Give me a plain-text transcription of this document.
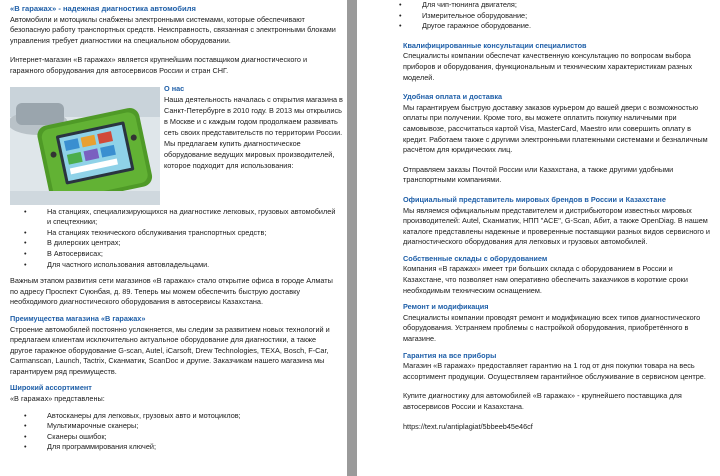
«В гаражах» - надежная диагностика автомобиля

Автомобили и мотоциклы снабжены электронными системами, которые обеспечивают безопасную работу транспортных средств. Неисправность, связанная с электронными блоками управления требует диагностики на специальном оборудовании.

Интернет-магазин «В гаражах» является крупнейшим поставщиком диагностического и гаражного оборудования для автосервисов России и стран СНГ.

О нас

Наша деятельность началась с открытия магазина в Санкт-Петербурге в 2010 году. В 2013 мы открылись в Москве и с каждым годом продолжаем развивать сеть своих представительств по территории России. Мы предлагаем купить диагностическое оборудование ведущих мировых производителей, которое подходит для использования:

• На станциях, специализирующихся на диагностике легковых, грузовых автомобилей и спецтехники;
• На станциях технического обслуживания транспортных средств;
• В дилерских центрах;
• В Автосервисах;
• Для частного использования автовладельцами.

Важным этапом развития сети магазинов «В гаражах» стало открытие офиса в городе Алматы по адресу Проспект Сүюнбая, д. 89. Теперь мы можем обеспечить быструю доставку необходимого диагностического оборудования в автосервисы Казахстана.

Преимущества магазина «В гаражах»

Строение автомобилей постоянно усложняется, мы следим за развитием новых технологий и предлагаем клиентам исключительно актуальное оборудование для диагностики, а также другое гаражное оборудование G-scan, Autel, iCarsoft, Drew Technologies, TEXA, Bosch, F-Car, Carmanscan, Launch, Tactrix, Сканматик, ScanDoc и другие. Заказчикам нашего магазина мы гарантируем ряд преимуществ.

Широкий ассортимент

«В гаражах» представлены:

• Автосканеры для легковых, грузовых авто и мотоциклов;
• Мультимарочные сканеры;
• Сканеры ошибок;
• Для программирования ключей;
• Для чип-тюнинга двигателя;
• Измерительное оборудование;
• Другое гаражное оборудование.

Квалифицированные консультации специалистов

Специалисты компании обеспечат качественную консультацию по вопросам выбора приборов и оборудования, функциональным и техническим характеристикам разных моделей.

Удобная оплата и доставка

Мы гарантируем быструю доставку заказов курьером до вашей двери с возможностью оплаты при получении. Кроме того, вы можете оплатить покупку наличными при самовывозе, рассчитаться картой Visa, MasterCard, Maestro или совершить оплату в кредит. Работаем также с другими электронными платежными системами и безналичным расчётом для юридических лиц.

Отправляем заказы Почтой России или Казахстана, а также другими удобными транспортными компаниями.

Официальный представитель мировых брендов в России и Казахстане

Мы являемся официальным представителем и дистрибьютором известных мировых производителей: Autel, Сканматик, НПП "АСЕ", G-Scan, Абит, а также OpenDiag. В нашем каталоге представлены надежные и проверенные поставщики разных видов сервисного и диагностического оборудования для легковых и грузовых автомобилей.

Собственные склады с оборудованием

Компания «В гаражах» имеет три больших склада с оборудованием в России и Казахстане, что позволяет нам оперативно обеспечить заказчиков в короткие сроки необходимым техническим оснащением.

Ремонт и модификация

Специалисты компании проводят ремонт и модификацию всех типов диагностического оборудования. Устраняем проблемы с настройкой оборудования, приобретённого в магазине.

Гарантия на все приборы

Магазин «В гаражах» предоставляет гарантию на 1 год от дня покупки товара на весь ассортимент продукции. Осуществляем гарантийное обслуживание в сервисном центре.

Купите диагностику для автомобилей «В гаражах» - крупнейшего поставщика для автосервисов России и Казахстана.

https://text.ru/antiplagiat/5bbeeb45e46cf
